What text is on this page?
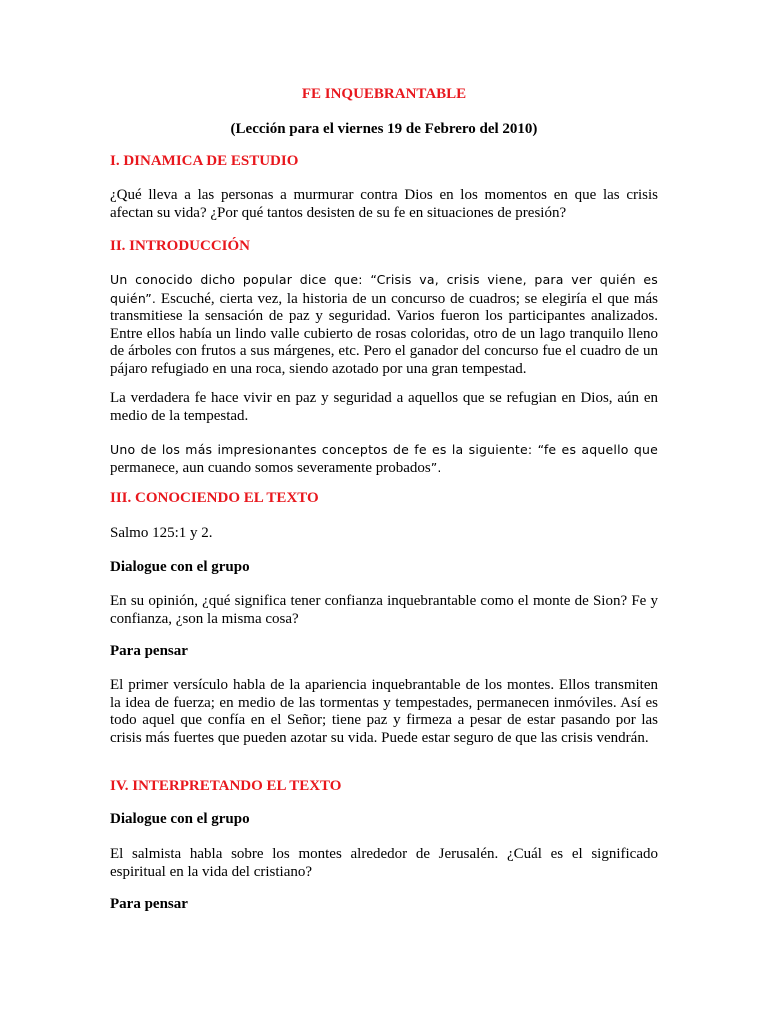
FE INQUEBRANTABLE

(Lección para el viernes 19 de Febrero del 2010)

I. DINAMICA DE ESTUDIO

¿Qué lleva a las personas a murmurar contra Dios en los momentos en que las crisis afectan su vida? ¿Por qué tantos desisten de su fe en situaciones de presión?

II. INTRODUCCIÓN

Un conocido dicho popular dice que: “Crisis va, crisis viene, para ver quién es quién”. Escuché, cierta vez, la historia de un concurso de cuadros; se elegiría el que más transmitiese la sensación de paz y seguridad. Varios fueron los participantes analizados. Entre ellos había un lindo valle cubierto de rosas coloridas, otro de un lago tranquilo lleno de árboles con frutos a sus márgenes, etc. Pero el ganador del concurso fue el cuadro de un pájaro refugiado en una roca, siendo azotado por una gran tempestad.

La verdadera fe hace vivir en paz y seguridad a aquellos que se refugian en Dios, aún en medio de la tempestad.

Uno de los más impresionantes conceptos de fe es la siguiente: “fe es aquello que
permanece, aun cuando somos severamente probados”.

III. CONOCIENDO EL TEXTO

Salmo 125:1 y 2.

Dialogue con el grupo

En su opinión, ¿qué significa tener confianza inquebrantable como el monte de Sion? Fe y confianza, ¿son la misma cosa?

Para pensar

El primer versículo habla de la apariencia inquebrantable de los montes. Ellos transmiten la idea de fuerza; en medio de las tormentas y tempestades, permanecen inmóviles. Así es todo aquel que confía en el Señor; tiene paz y firmeza a pesar de estar pasando por las crisis más fuertes que pueden azotar su vida. Puede estar seguro de que las crisis vendrán.

IV. INTERPRETANDO EL TEXTO

Dialogue con el grupo

El salmista habla sobre los montes alrededor de Jerusalén. ¿Cuál es el significado espiritual en la vida del cristiano?

Para pensar
